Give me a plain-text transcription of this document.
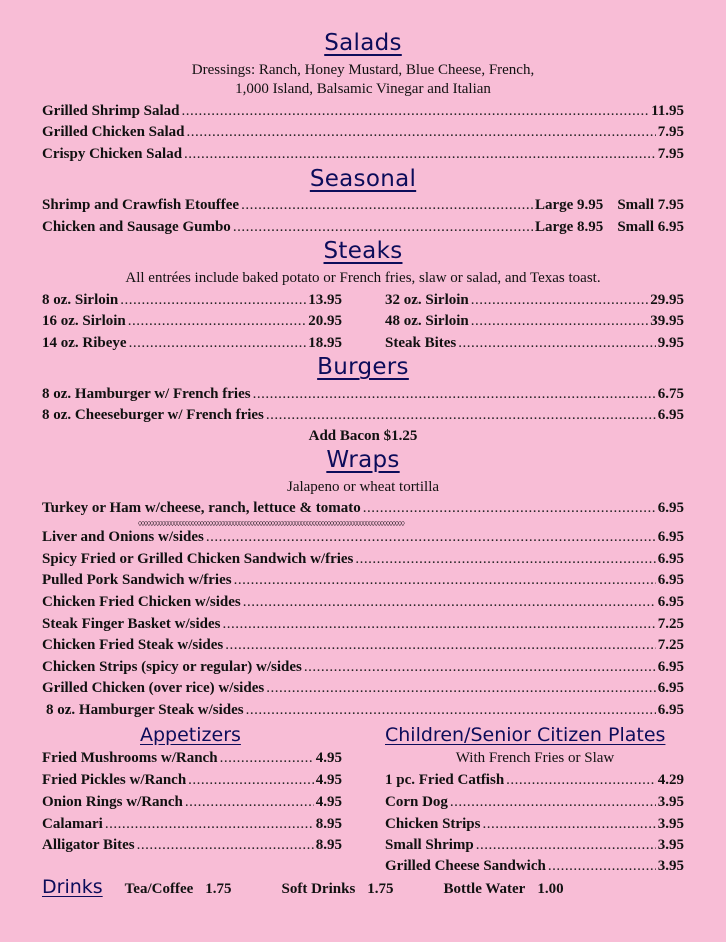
Salads
Dressings: Ranch, Honey Mustard, Blue Cheese, French,
1,000 Island, Balsamic Vinegar and Italian
Grilled Shrimp Salad .....	11.95
Grilled Chicken Salad .....	7.95
Crispy Chicken Salad .....	7.95
Seasonal
Shrimp and Crawfish Etouffee .....	Large 9.95 Small 7.95
Chicken and Sausage Gumbo .....	Large 8.95 Small 6.95
Steaks
All entrées include baked potato or French fries, slaw or salad, and Texas toast.
8 oz. Sirloin .....	13.95
16 oz. Sirloin .....	20.95
14 oz. Ribeye .....	18.95
32 oz. Sirloin .....	29.95
48 oz. Sirloin .....	39.95
Steak Bites .....	9.95
Burgers
8 oz. Hamburger w/ French fries .....	6.75
8 oz. Cheeseburger w/ French fries .....	6.95
Add Bacon $1.25
Wraps
Jalapeno or wheat tortilla
Turkey or Ham w/cheese, ranch, lettuce & tomato .....	6.95
◊◊◊◊◊◊◊◊◊◊◊◊◊◊◊◊◊◊◊◊◊◊◊◊◊◊◊◊◊◊◊◊◊◊◊◊◊◊◊◊◊◊◊◊◊◊◊◊◊◊◊◊◊◊◊◊◊◊◊◊◊◊◊◊◊◊◊◊◊◊◊◊◊◊◊◊◊◊◊◊◊◊◊◊◊◊◊◊◊◊
Liver and Onions w/sides .....	6.95
Spicy Fried or Grilled Chicken Sandwich w/fries .....	6.95
Pulled Pork Sandwich w/fries .....	6.95
Chicken Fried Chicken w/sides .....	6.95
Steak Finger Basket w/sides .....	7.25
Chicken Fried Steak w/sides .....	7.25
Chicken Strips (spicy or regular) w/sides .....	6.95
Grilled Chicken (over rice) w/sides .....	6.95
8 oz. Hamburger Steak w/sides .....	6.95
Appetizers
Fried Mushrooms w/Ranch .....	4.95
Fried Pickles w/Ranch .....	4.95
Onion Rings w/Ranch .....	4.95
Calamari .....	8.95
Alligator Bites .....	8.95
Children/Senior Citizen Plates
With French Fries or Slaw
1 pc. Fried Catfish .....	4.29
Corn Dog .....	3.95
Chicken Strips .....	3.95
Small Shrimp .....	3.95
Grilled Cheese Sandwich .....	3.95
Drinks Tea/Coffee 1.75	Soft Drinks 1.75	Bottle Water 1.00
